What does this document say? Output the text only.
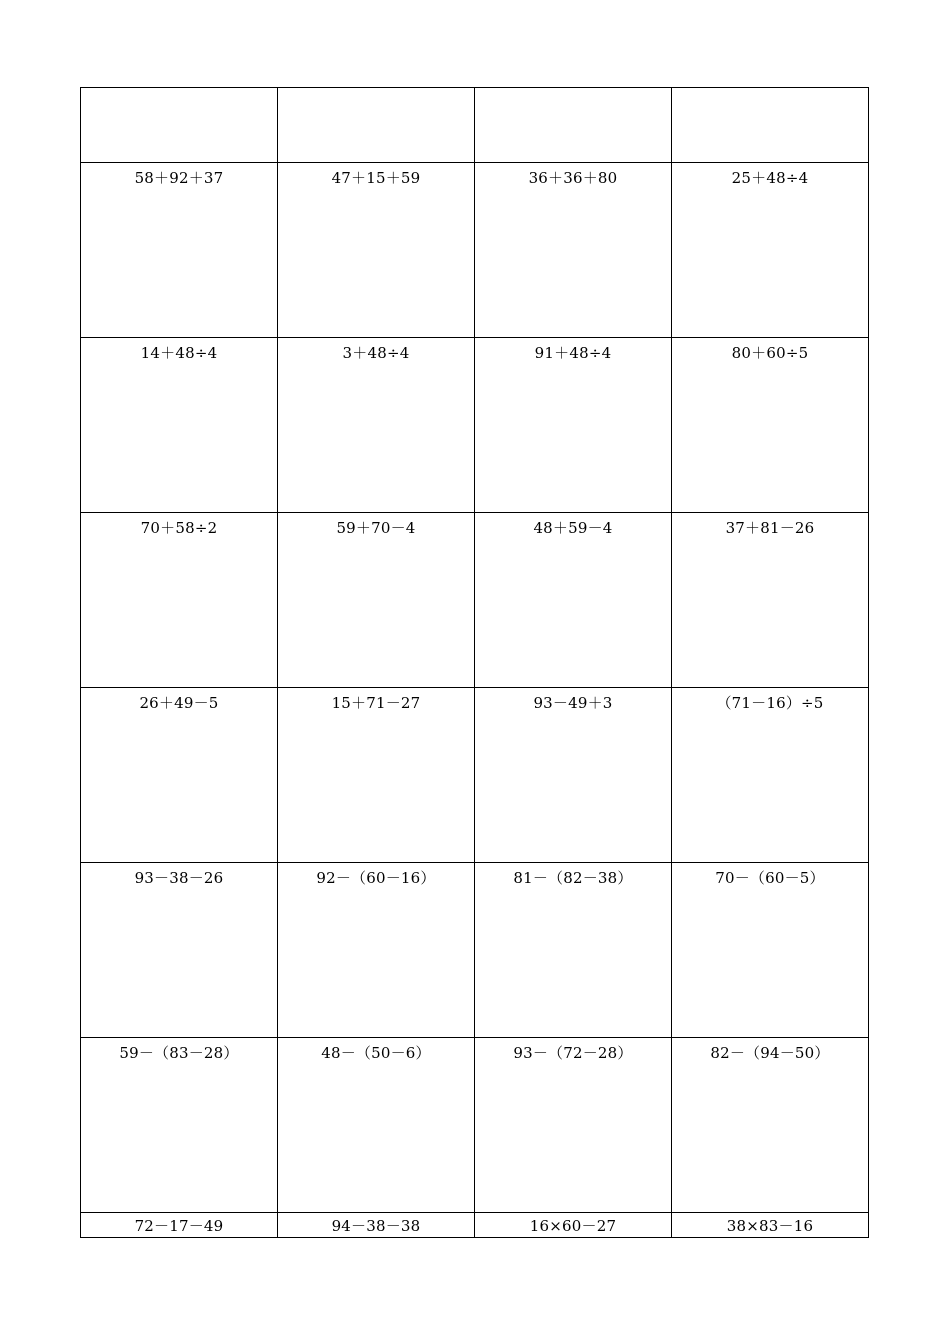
58＋92＋37	47＋15＋59	36＋36＋80	25＋48÷4

14＋48÷4	3＋48÷4	91＋48÷4	80＋60÷5

70＋58÷2	59＋70－4	48＋59－4	37＋81－26

26＋49－5	15＋71－27	93－49＋3	（71－16）÷5

93－38－26	92－（60－16）	81－（82－38）	70－（60－5）

59－（83－28）	48－（50－6）	93－（72－28）	82－（94－50）

72－17－49	94－38－38	16×60－27	38×83－16
